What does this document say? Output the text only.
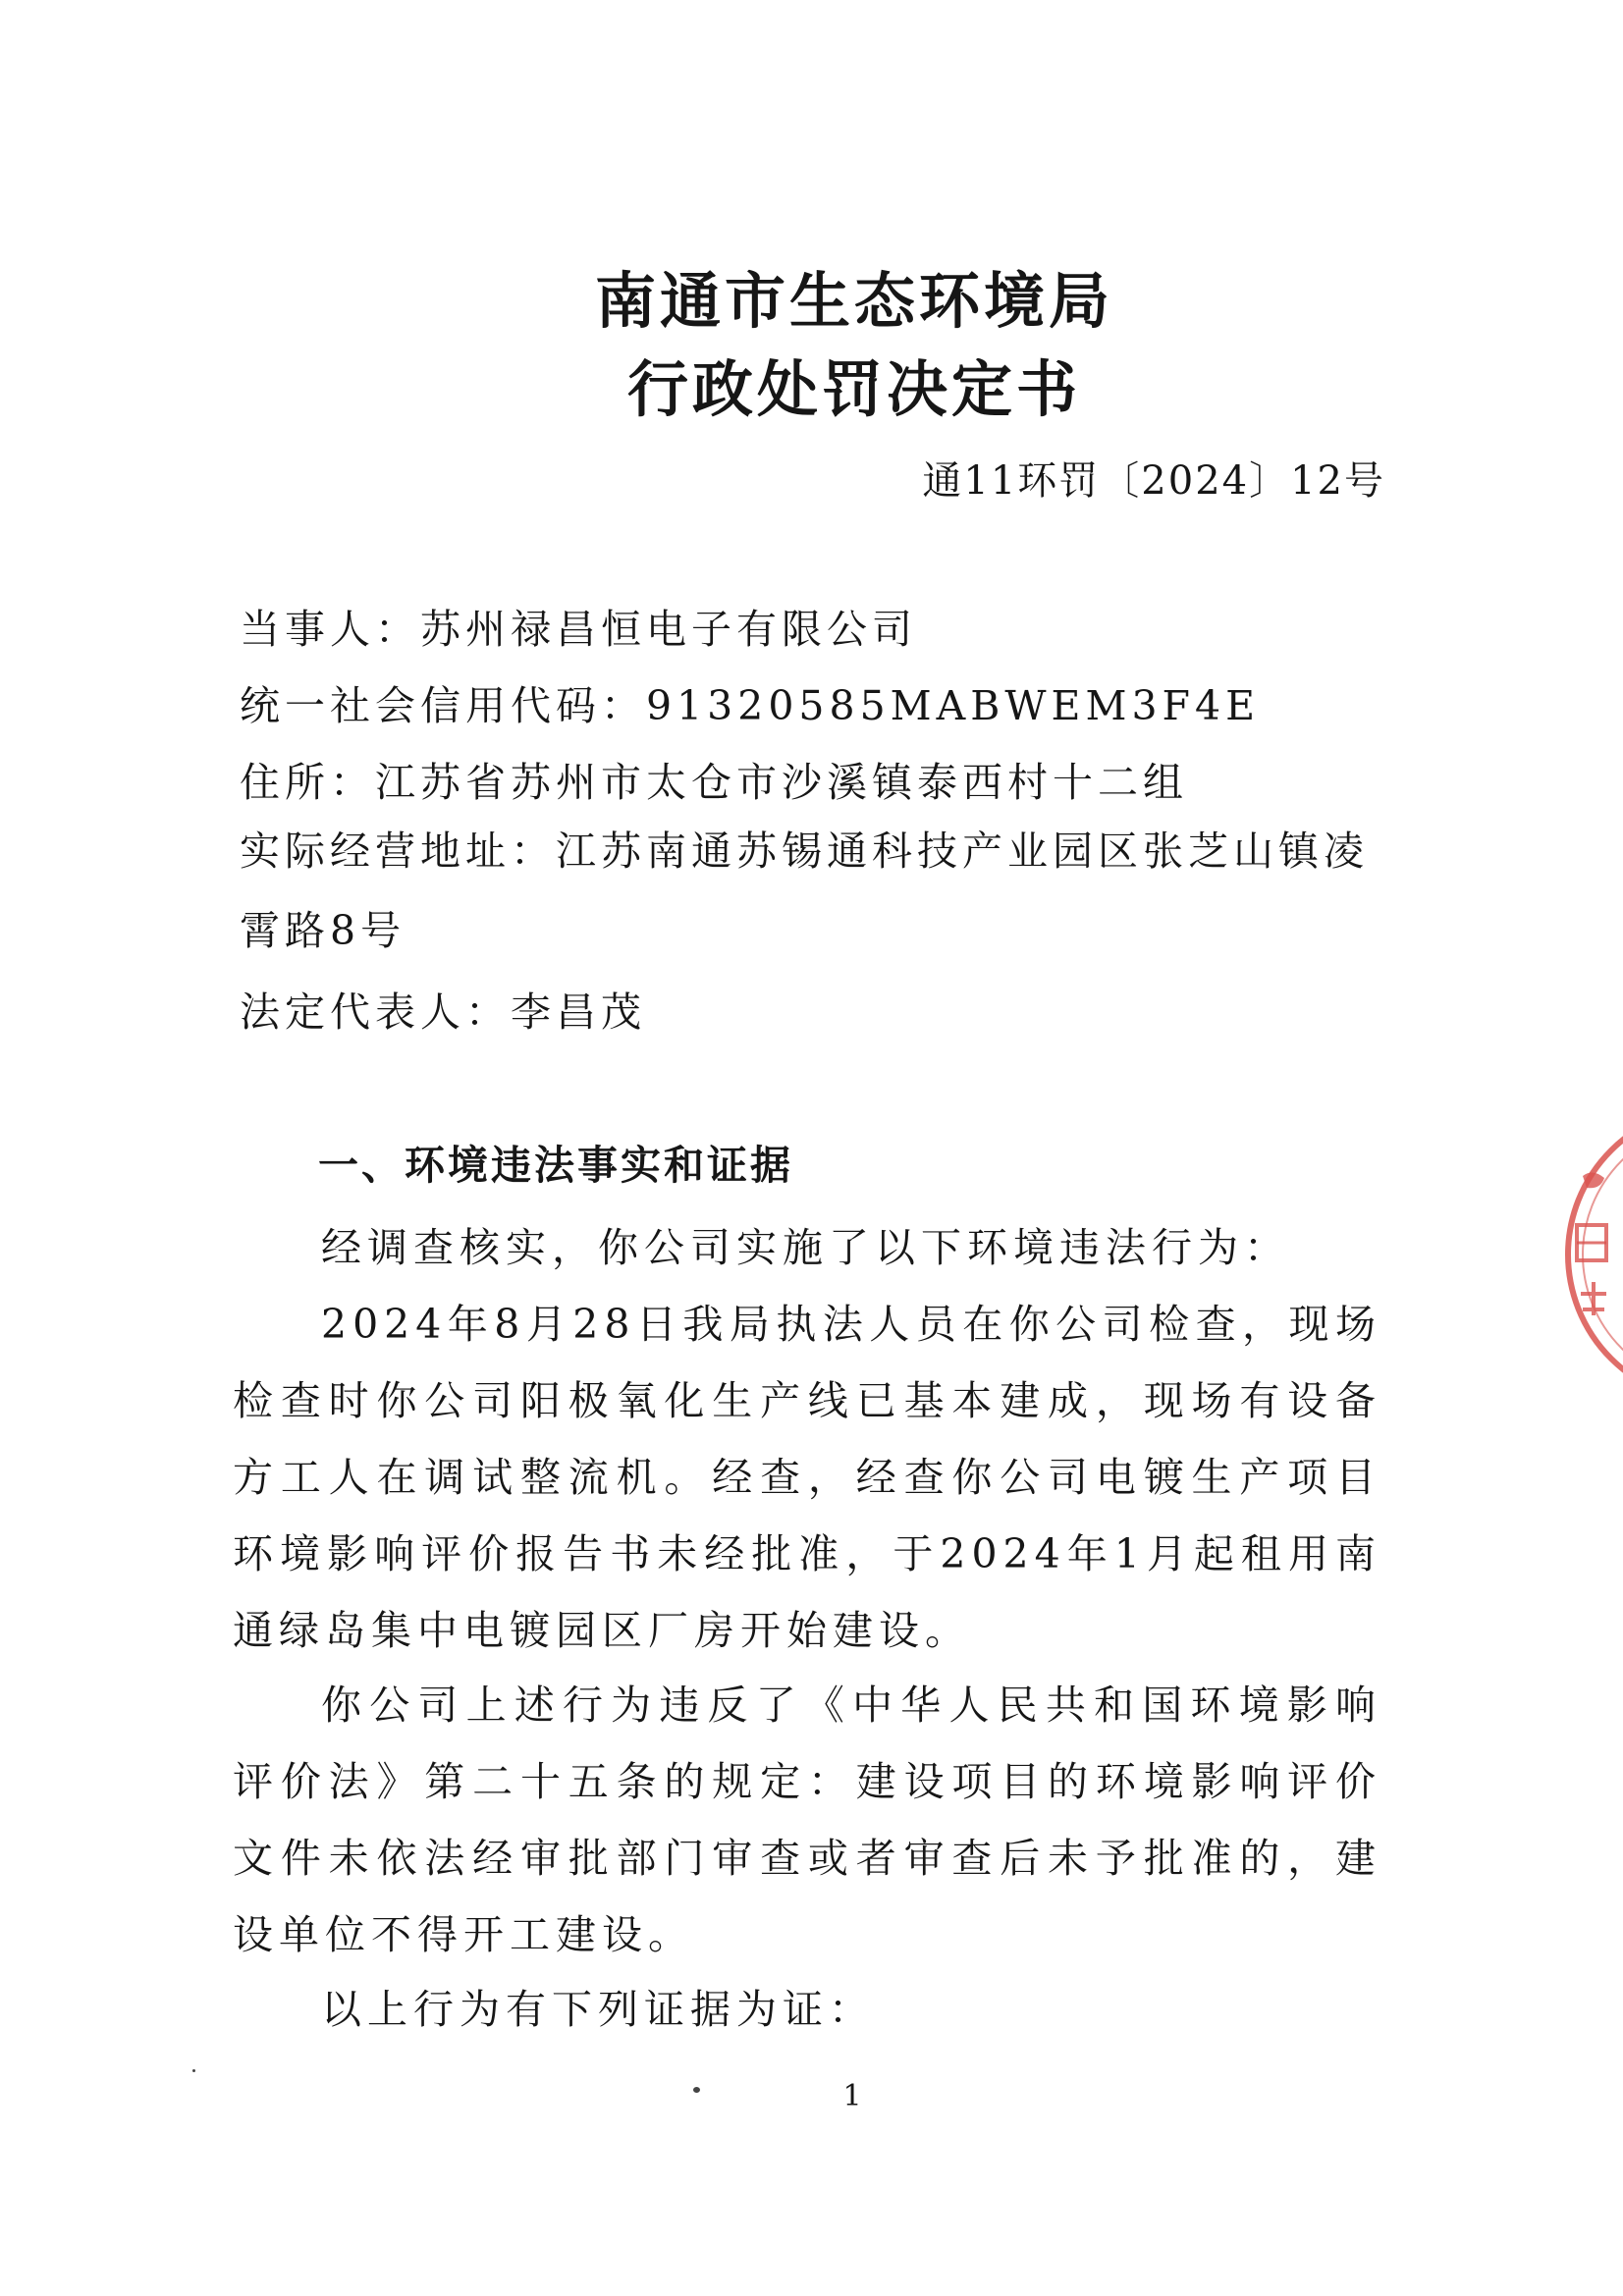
南通市生态环境局
行政处罚决定书
通11环罚〔2024〕12号
当事人：苏州禄昌恒电子有限公司
统一社会信用代码：91320585MABWEM3F4E
住所：江苏省苏州市太仓市沙溪镇泰西村十二组
实际经营地址：江苏南通苏锡通科技产业园区张芝山镇凌霄路8号
法定代表人：李昌茂
一、环境违法事实和证据
经调查核实，你公司实施了以下环境违法行为：
2024年8月28日我局执法人员在你公司检查，现场检查时你公司阳极氧化生产线已基本建成，现场有设备方工人在调试整流机。经查，经查你公司电镀生产项目环境影响评价报告书未经批准，于2024年1月起租用南通绿岛集中电镀园区厂房开始建设。
你公司上述行为违反了《中华人民共和国环境影响评价法》第二十五条的规定：建设项目的环境影响评价文件未依法经审批部门审查或者审查后未予批准的，建设单位不得开工建设。
以上行为有下列证据为证：
1
